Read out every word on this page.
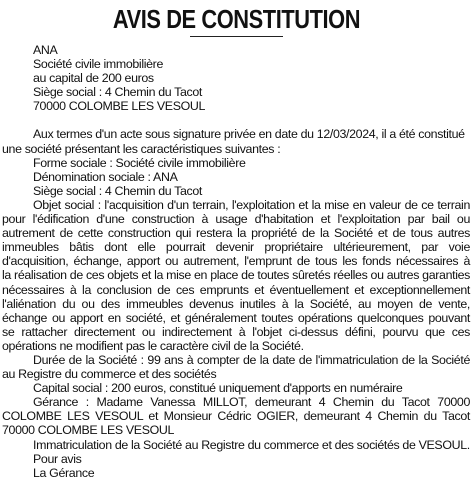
AVIS DE CONSTITUTION
ANA
Société civile immobilière
au capital de 200 euros
Siège social : 4 Chemin du Tacot
70000 COLOMBE LES VESOUL
Aux termes d'un acte sous signature privée en date du 12/03/2024, il a été constitué
une société présentant les caractéristiques suivantes :
Forme sociale : Société civile immobilière
Dénomination sociale : ANA
Siège social : 4 Chemin du Tacot
Objet social : l'acquisition d'un terrain, l'exploitation et la mise en valeur de ce terrain
pour l'édification d'une construction à usage d'habitation et l'exploitation par bail ou
autrement de cette construction qui restera la propriété de la Société et de tous autres
immeubles bâtis dont elle pourrait devenir propriétaire ultérieurement, par voie
d'acquisition, échange, apport ou autrement, l'emprunt de tous les fonds nécessaires à
la réalisation de ces objets et la mise en place de toutes sûretés réelles ou autres garanties
nécessaires à la conclusion de ces emprunts et éventuellement et exceptionnellement
l'aliénation du ou des immeubles devenus inutiles à la Société, au moyen de vente,
échange ou apport en société, et généralement toutes opérations quelconques pouvant
se rattacher directement ou indirectement à l'objet ci-dessus défini, pourvu que ces
opérations ne modifient pas le caractère civil de la Société.
Durée de la Société : 99 ans à compter de la date de l'immatriculation de la Société
au Registre du commerce et des sociétés
Capital social : 200 euros, constitué uniquement d'apports en numéraire
Gérance : Madame Vanessa MILLOT, demeurant 4 Chemin du Tacot 70000
COLOMBE LES VESOUL et Monsieur Cédric OGIER, demeurant 4 Chemin du Tacot
70000 COLOMBE LES VESOUL
Immatriculation de la Société au Registre du commerce et des sociétés de VESOUL.
Pour avis
La Gérance
